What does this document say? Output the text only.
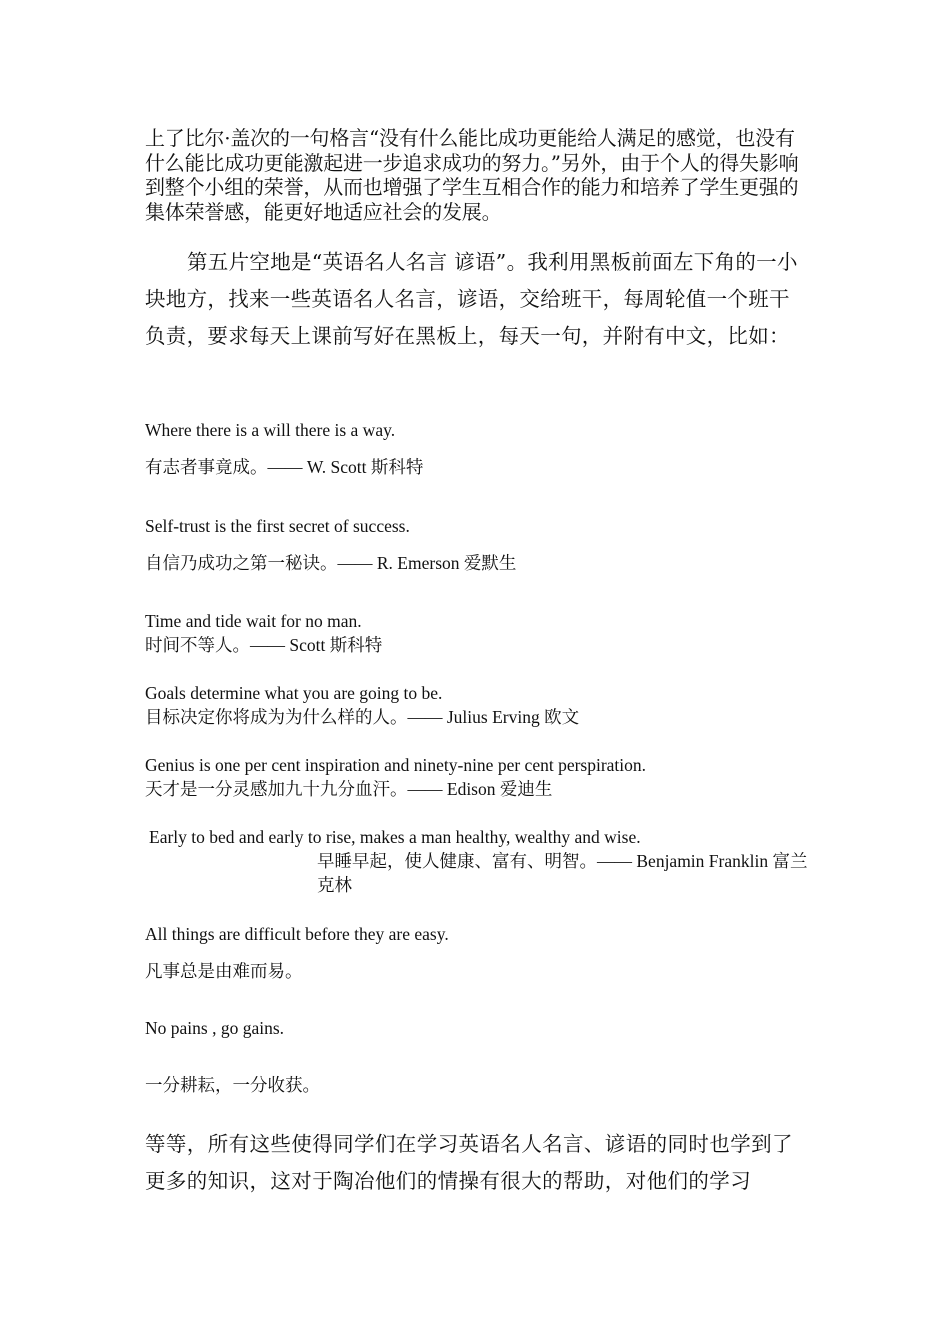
上了比尔·盖次的一句格言“没有什么能比成功更能给人满足的感觉，也没有什么能比成功更能激起进一步追求成功的努力。”另外，由于个人的得失影响到整个小组的荣誉，从而也增强了学生互相合作的能力和培养了学生更强的集体荣誉感，能更好地适应社会的发展。

第五片空地是“英语名人名言 谚语”。我利用黑板前面左下角的一小块地方，找来一些英语名人名言，谚语，交给班干，每周轮值一个班干负责，要求每天上课前写好在黑板上，每天一句，并附有中文，比如：

Where there is a will there is a way.
有志者事竟成。—— W. Scott 斯科特
Self-trust is the first secret of success.
自信乃成功之第一秘诀。—— R. Emerson 爱默生
Time and tide wait for no man.
时间不等人。—— Scott 斯科特
Goals determine what you are going to be.
目标决定你将成为为什么样的人。—— Julius Erving 欧文
Genius is one per cent inspiration and ninety-nine per cent perspiration.
天才是一分灵感加九十九分血汗。—— Edison 爱迪生
Early to bed and early to rise, makes a man healthy, wealthy and wise.
早睡早起，使人健康、富有、明智。—— Benjamin Franklin 富兰克林
All things are difficult before they are easy.
凡事总是由难而易。
No pains , go gains.
一分耕耘，一分收获。

等等，所有这些使得同学们在学习英语名人名言、谚语的同时也学到了更多的知识，这对于陶冶他们的情操有很大的帮助，对他们的学习
